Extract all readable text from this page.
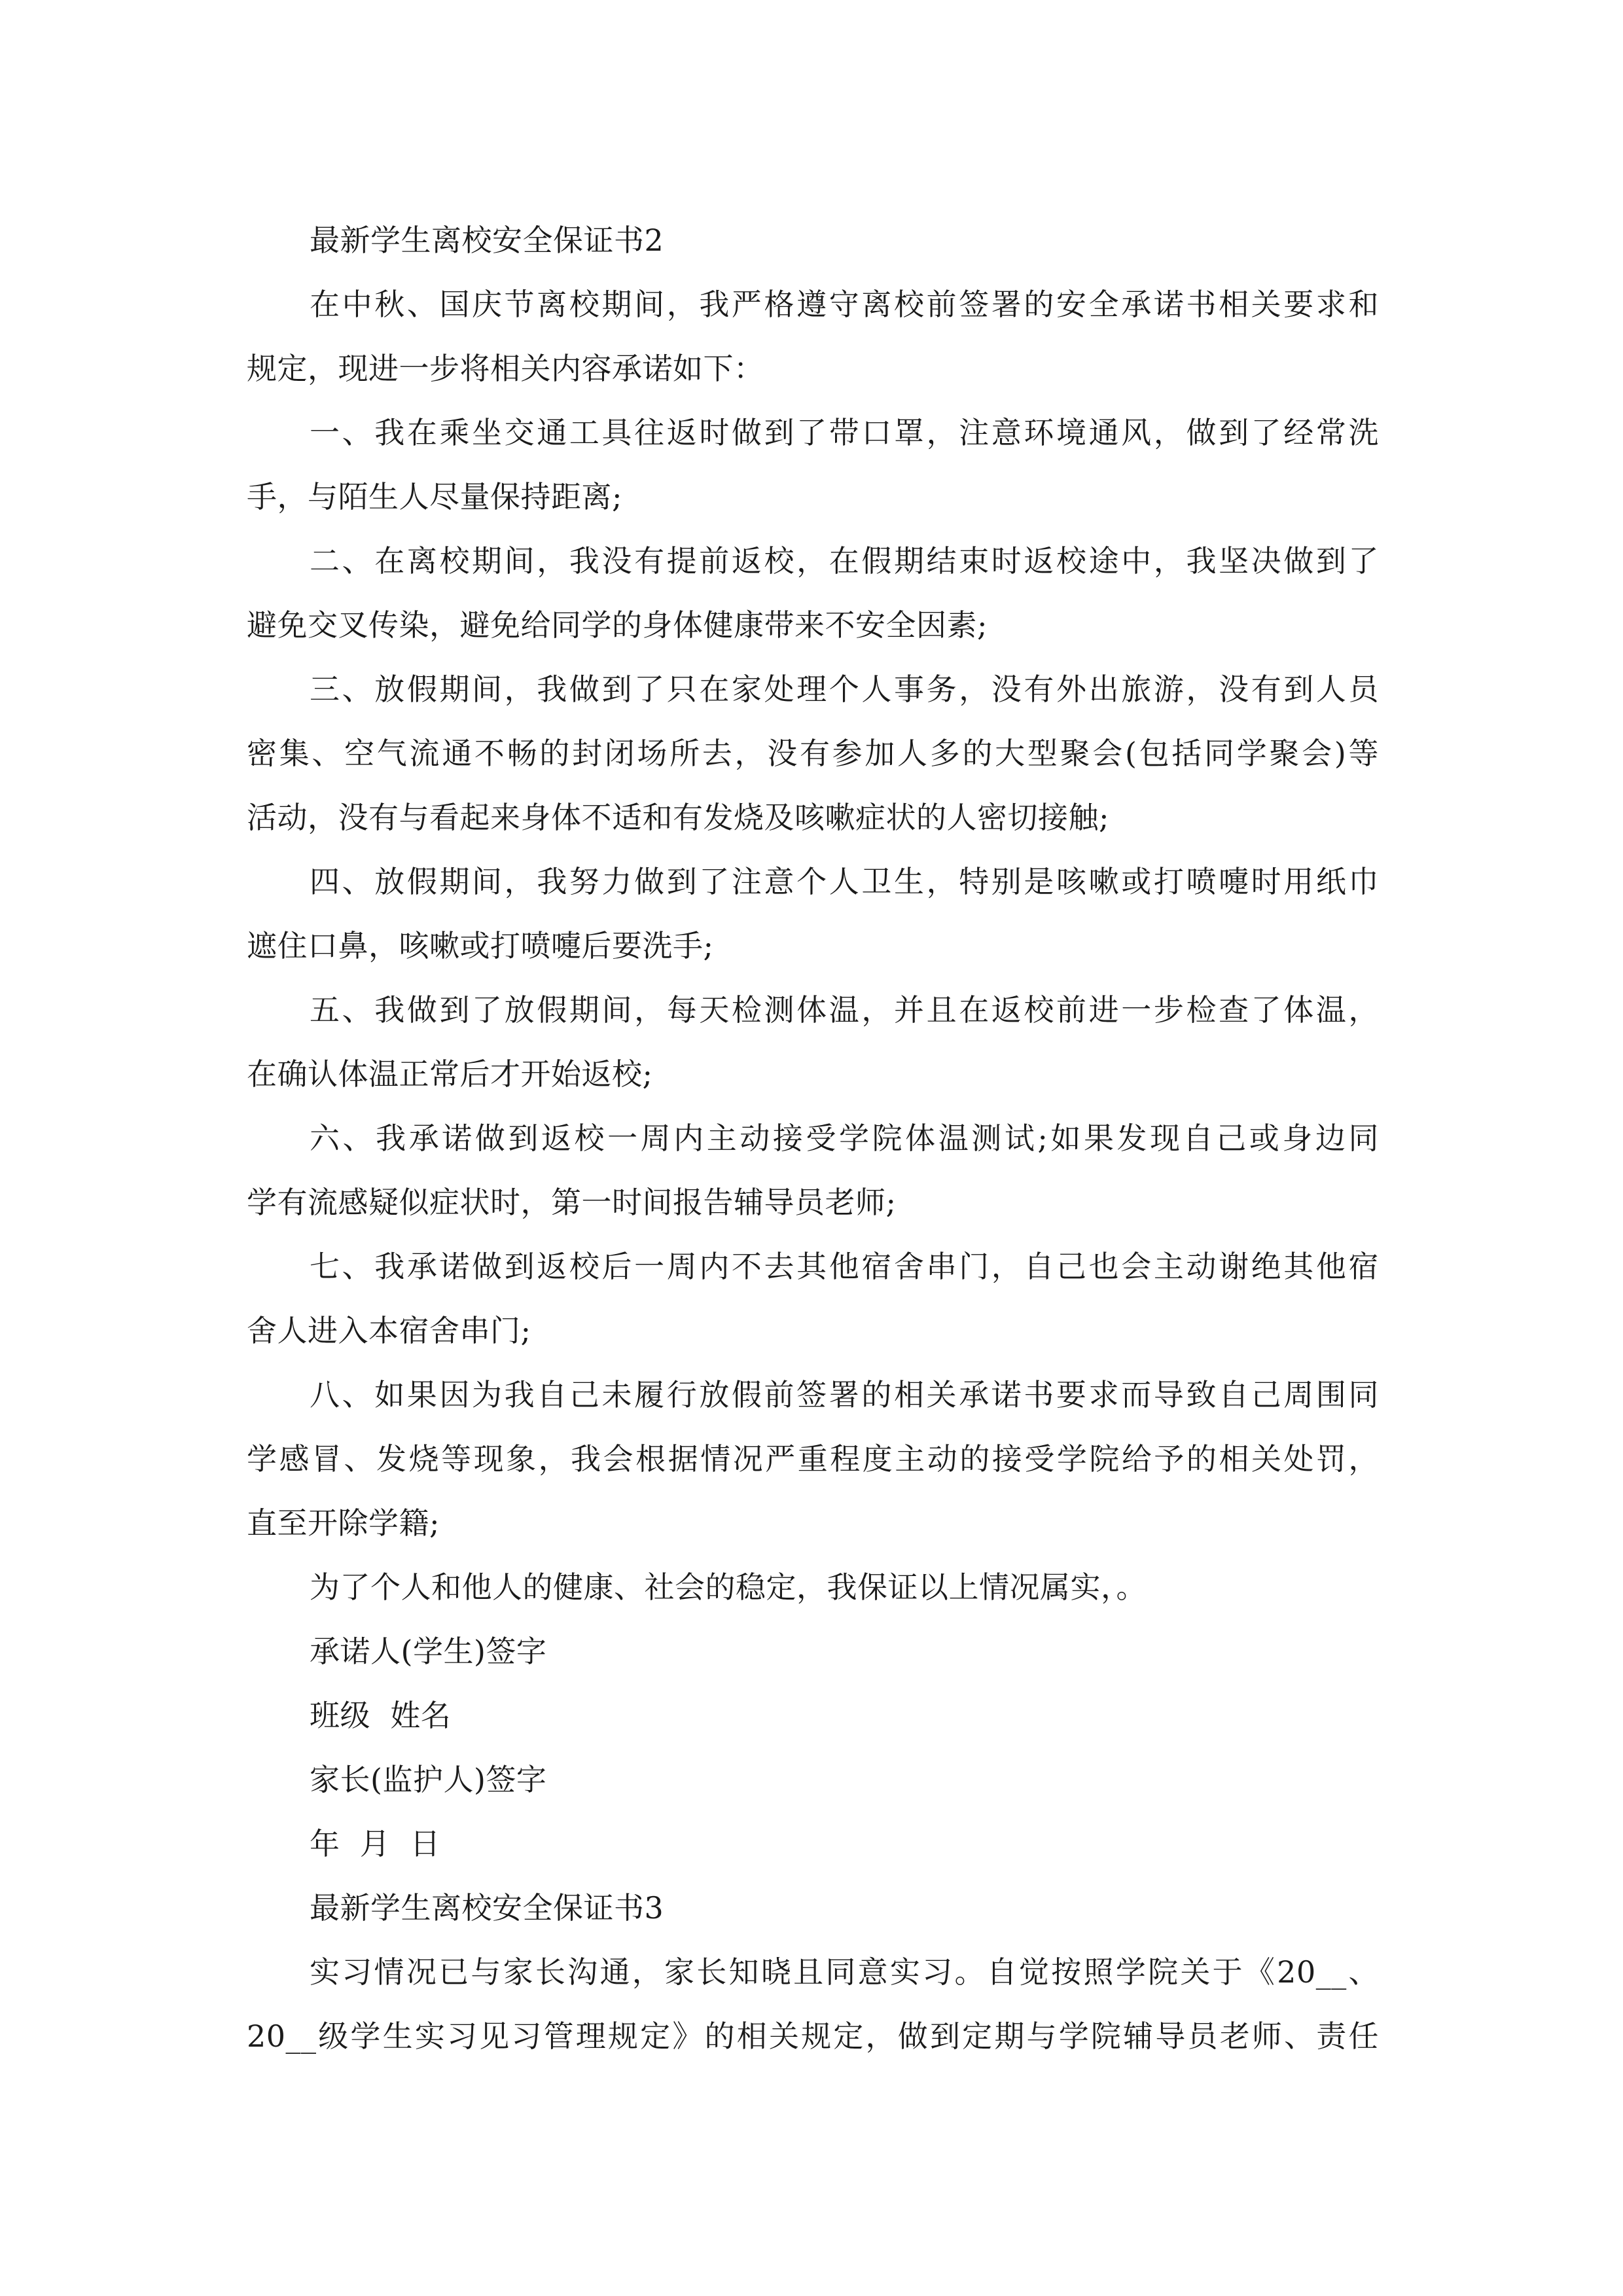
最新学生离校安全保证书2
在中秋、国庆节离校期间，我严格遵守离校前签署的安全承诺书相关要求和
规定，现进一步将相关内容承诺如下：
一、我在乘坐交通工具往返时做到了带口罩，注意环境通风，做到了经常洗
手，与陌生人尽量保持距离;
二、在离校期间，我没有提前返校，在假期结束时返校途中，我坚决做到了
避免交叉传染，避免给同学的身体健康带来不安全因素;
三、放假期间，我做到了只在家处理个人事务，没有外出旅游，没有到人员
密集、空气流通不畅的封闭场所去，没有参加人多的大型聚会(包括同学聚会)等
活动，没有与看起来身体不适和有发烧及咳嗽症状的人密切接触;
四、放假期间，我努力做到了注意个人卫生，特别是咳嗽或打喷嚏时用纸巾
遮住口鼻，咳嗽或打喷嚏后要洗手;
五、我做到了放假期间，每天检测体温，并且在返校前进一步检查了体温，
在确认体温正常后才开始返校;
六、我承诺做到返校一周内主动接受学院体温测试;如果发现自己或身边同
学有流感疑似症状时，第一时间报告辅导员老师;
七、我承诺做到返校后一周内不去其他宿舍串门，自己也会主动谢绝其他宿
舍人进入本宿舍串门;
八、如果因为我自己未履行放假前签署的相关承诺书要求而导致自己周围同
学感冒、发烧等现象，我会根据情况严重程度主动的接受学院给予的相关处罚，
直至开除学籍;
为了个人和他人的健康、社会的稳定，我保证以上情况属实，。
承诺人(学生)签字
班级  姓名
家长(监护人)签字
年  月  日
最新学生离校安全保证书3
实习情况已与家长沟通，家长知晓且同意实习。自觉按照学院关于《20__、
20__级学生实习见习管理规定》的相关规定，做到定期与学院辅导员老师、责任
